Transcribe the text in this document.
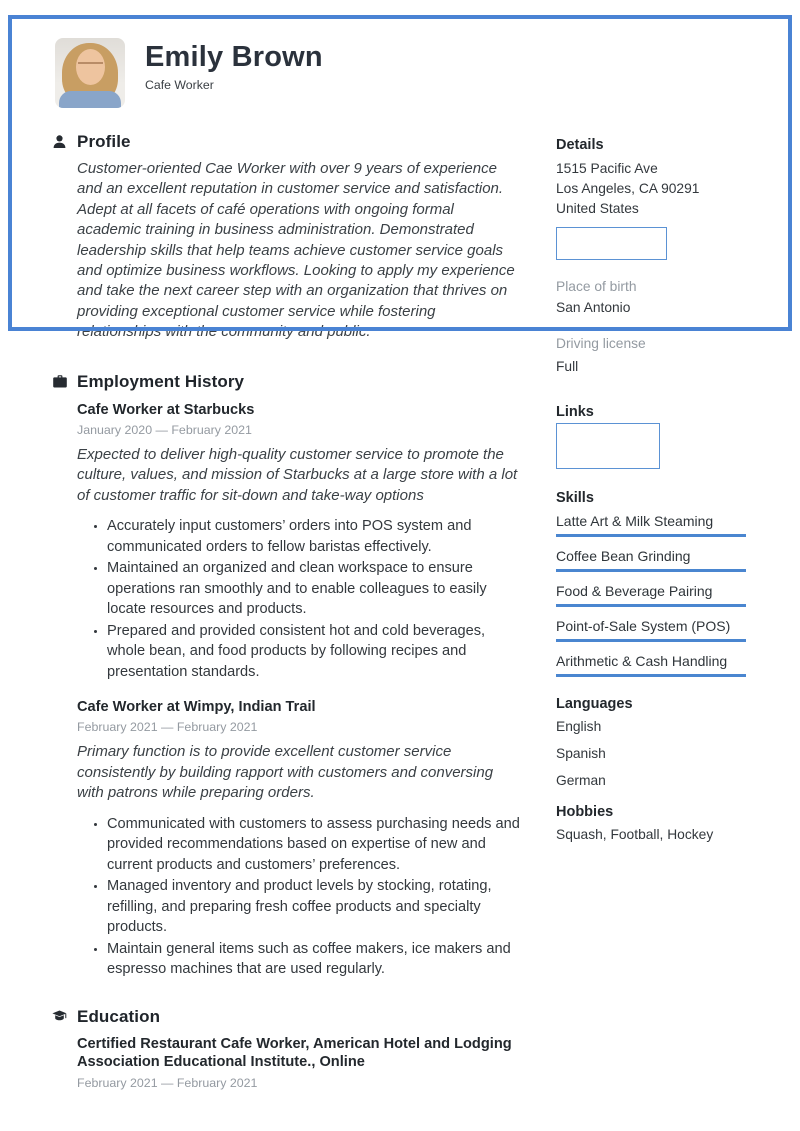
Emily Brown
Cafe Worker
Profile

Customer-oriented Cae Worker with over 9 years of experience and an excellent reputation in customer service and satisfaction. Adept at all facets of café operations with ongoing formal academic training in business administration. Demonstrated leadership skills that help teams achieve customer service goals and optimize business workflows. Looking to apply my experience and take the next career step with an organization that thrives on providing exceptional customer service while fostering relationships with the community and public.

Employment History
Cafe Worker at Starbucks
January 2020 — February 2021
Expected to deliver high-quality customer service to promote the culture, values, and mission of Starbucks at a large store with a lot of customer traffic for sit-down and take-way options
• Accurately input customers’ orders into POS system and communicated orders to fellow baristas effectively.
• Maintained an organized and clean workspace to ensure operations ran smoothly and to enable colleagues to easily locate resources and products.
• Prepared and provided consistent hot and cold beverages, whole bean, and food products by following recipes and presentation standards.
Cafe Worker at Wimpy, Indian Trail
February 2021 — February 2021
Primary function is to provide excellent customer service consistently by building rapport with customers and conversing with patrons while preparing orders.
• Communicated with customers to assess purchasing needs and provided recommendations based on expertise of new and current products and customers’ preferences.
• Managed inventory and product levels by stocking, rotating, refilling, and preparing fresh coffee products and specialty products.
• Maintain general items such as coffee makers, ice makers and espresso machines that are used regularly.
Education
Certified Restaurant Cafe Worker, American Hotel and Lodging Association Educational Institute., Online
February 2021 — February 2021
Details
1515 Pacific Ave
Los Angeles, CA 90291
United States
Place of birth
San Antonio
Driving license
Full
Links
Skills
Latte Art & Milk Steaming
Coffee Bean Grinding
Food & Beverage Pairing
Point-of-Sale System (POS)
Arithmetic & Cash Handling
Languages
English
Spanish
German
Hobbies
Squash, Football, Hockey
